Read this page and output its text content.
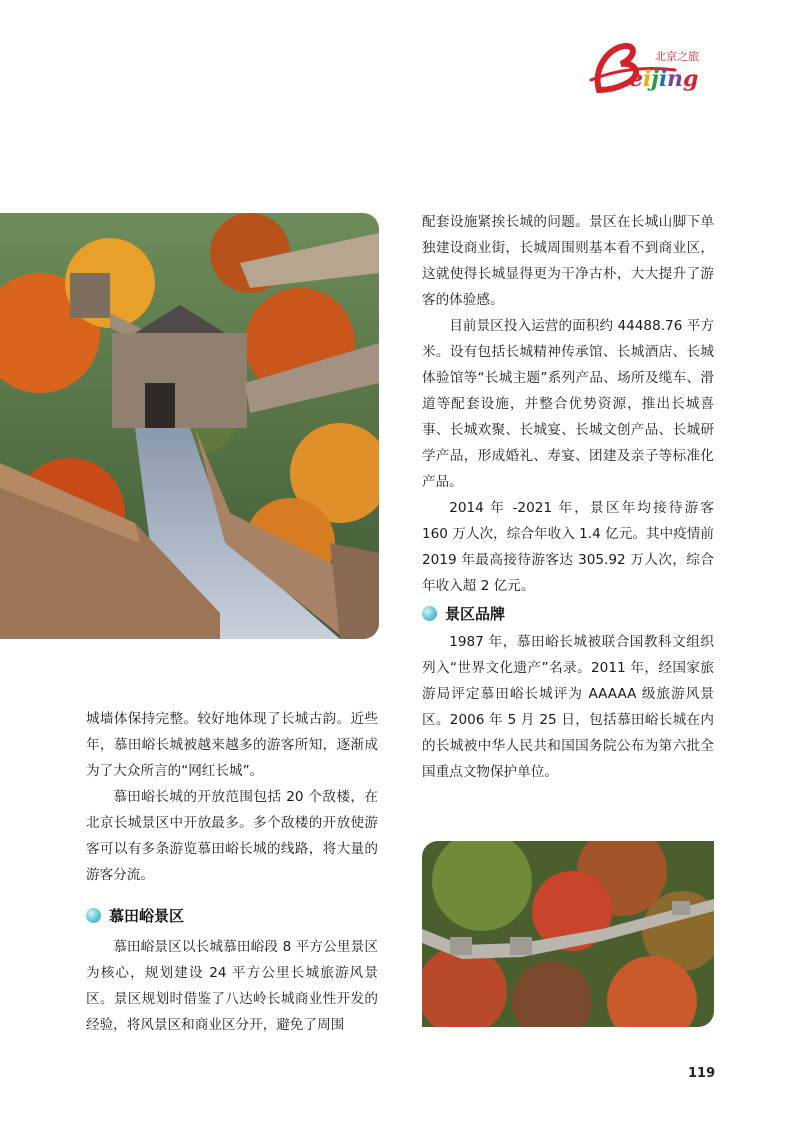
e i j i n g
北京之旅

配套设施紧挨长城的问题。景区在长城山脚下单独建设商业街，长城周围则基本看不到商业区，这就使得长城显得更为干净古朴，大大提升了游客的体验感。

目前景区投入运营的面积约 44488.76 平方米。设有包括长城精神传承馆、长城酒店、长城体验馆等“长城主题”系列产品、场所及缆车、滑道等配套设施，并整合优势资源，推出长城喜事、长城欢聚、长城宴、长城文创产品、长城研学产品，形成婚礼、寿宴、团建及亲子等标准化产品。

2014 年 -2021 年，景区年均接待游客 160 万人次，综合年收入 1.4 亿元。其中疫情前 2019 年最高接待游客达 305.92 万人次，综合年收入超 2 亿元。

景区品牌

1987 年，慕田峪长城被联合国教科文组织列入“世界文化遗产”名录。2011 年，经国家旅游局评定慕田峪长城评为 AAAAA 级旅游风景区。2006 年 5 月 25 日，包括慕田峪长城在内的长城被中华人民共和国国务院公布为第六批全国重点文物保护单位。

城墙体保持完整。较好地体现了长城古韵。近些年，慕田峪长城被越来越多的游客所知，逐渐成为了大众所言的“网红长城”。

慕田峪长城的开放范围包括 20 个敌楼，在北京长城景区中开放最多。多个敌楼的开放使游客可以有多条游览慕田峪长城的线路，将大量的游客分流。

慕田峪景区

慕田峪景区以长城慕田峪段 8 平方公里景区为核心，规划建设 24 平方公里长城旅游风景区。景区规划时借鉴了八达岭长城商业性开发的经验，将风景区和商业区分开，避免了周围

119
